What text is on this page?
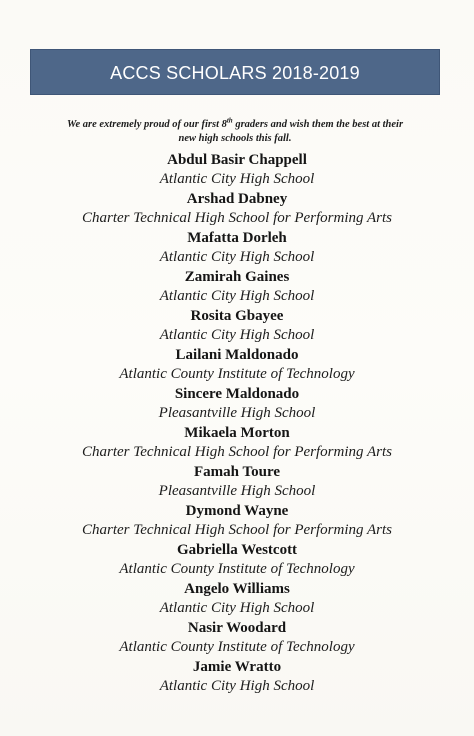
ACCS SCHOLARS 2018-2019
We are extremely proud of our first 8th graders and wish them the best at their
new high schools this fall.
Abdul Basir Chappell
Atlantic City High School
Arshad Dabney
Charter Technical High School for Performing Arts
Mafatta Dorleh
Atlantic City High School
Zamirah Gaines
Atlantic City High School
Rosita Gbayee
Atlantic City High School
Lailani Maldonado
Atlantic County Institute of Technology
Sincere Maldonado
Pleasantville High School
Mikaela Morton
Charter Technical High School for Performing Arts
Famah Toure
Pleasantville High School
Dymond Wayne
Charter Technical High School for Performing Arts
Gabriella Westcott
Atlantic County Institute of Technology
Angelo Williams
Atlantic City High School
Nasir Woodard
Atlantic County Institute of Technology
Jamie Wratto
Atlantic City High School
